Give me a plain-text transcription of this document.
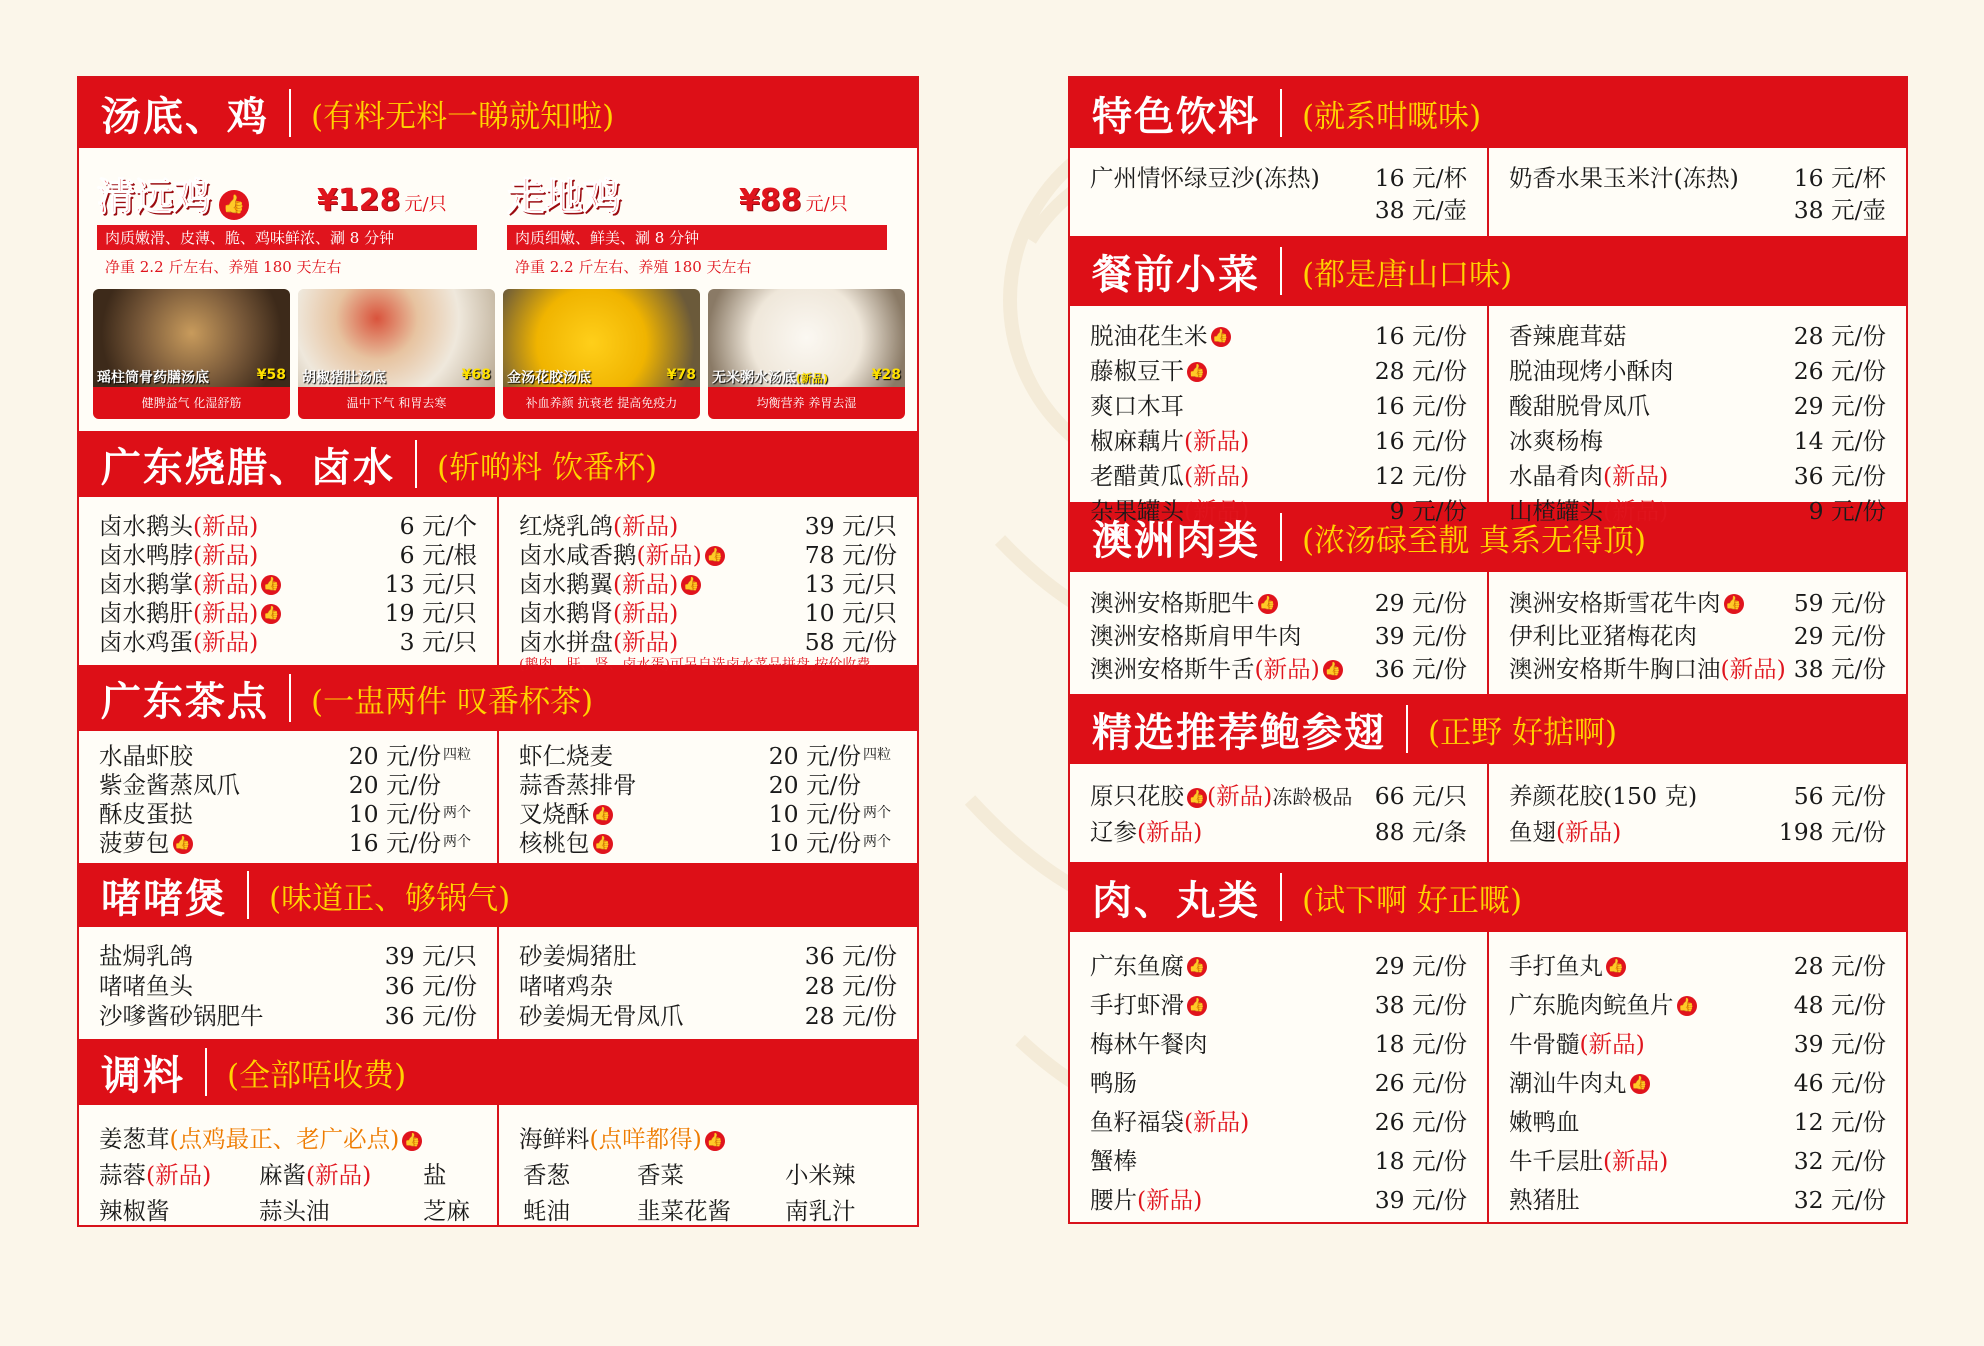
汤底、鸡 (有料无料一睇就知啦)
清远鸡 👍 ¥128 元/只
肉质嫩滑、皮薄、脆、鸡味鲜浓、涮 8 分钟
净重 2.2 斤左右、养殖 180 天左右
走地鸡	¥88 元/只
肉质细嫩、鲜美、涮 8 分钟
净重 2.2 斤左右、养殖 180 天左右
瑶柱筒骨药膳汤底	¥58
健脾益气 化湿舒筋
胡椒猪肚汤底	¥68
温中下气 和胃去寒
金汤花胶汤底	¥78
补血养颜 抗衰老 提高免疫力
无米粥水汤底(新品)	¥28
均衡营养 养胃去湿
广东烧腊、卤水 (斩啲料 饮番杯)
卤水鹅头(新品)	6 元/个
卤水鸭脖(新品)	6 元/根
卤水鹅掌(新品) 👍	13 元/只
卤水鹅肝(新品) 👍	19 元/只
卤水鸡蛋(新品)	3 元/只
红烧乳鸽(新品)	39 元/只
卤水咸香鹅(新品) 👍	78 元/份
卤水鹅翼(新品) 👍	13 元/只
卤水鹅肾(新品)	10 元/只
卤水拼盘(新品)	58 元/份
(鹅肉、肝、肾、卤水蛋)可另自选卤水菜品拼盘,按价收费。
广东茶点 (一盅两件 叹番杯茶)
水晶虾胶	20 元/份 四粒
紫金酱蒸凤爪	20 元/份
酥皮蛋挞	10 元/份 两个
菠萝包 👍	16 元/份 两个
虾仁烧麦	20 元/份 四粒
蒜香蒸排骨	20 元/份
叉烧酥 👍	10 元/份 两个
核桃包 👍	10 元/份 两个
啫啫煲 (味道正、够锅气)
盐焗乳鸽	39 元/只
啫啫鱼头	36 元/份
沙嗲酱砂锅肥牛	36 元/份
砂姜焗猪肚	36 元/份
啫啫鸡杂	28 元/份
砂姜焗无骨凤爪	28 元/份
调料 (全部唔收费)
姜葱茸(点鸡最正、老广必点) 👍
蒜蓉(新品)	麻酱(新品)	盐
辣椒酱	蒜头油	芝麻
海鲜料(点咩都得) 👍
香葱	香菜	小米辣
蚝油	韭菜花酱	南乳汁
特色饮料 (就系咁嘅味)
广州情怀绿豆沙(冻热)	16 元/杯
38 元/壶
奶香水果玉米汁(冻热)	16 元/杯
38 元/壶
餐前小菜 (都是唐山口味)
脱油花生米 👍	16 元/份
藤椒豆干 👍	28 元/份
爽口木耳	16 元/份
椒麻藕片(新品)	16 元/份
老醋黄瓜(新品)	12 元/份
杂果罐头(新品)	9 元/份
香辣鹿茸菇	28 元/份
脱油现烤小酥肉	26 元/份
酸甜脱骨凤爪	29 元/份
冰爽杨梅	14 元/份
水晶肴肉(新品)	36 元/份
山楂罐头(新品)	9 元/份
澳洲肉类 (浓汤碌至靓 真系无得顶)
澳洲安格斯肥牛 👍	29 元/份
澳洲安格斯肩甲牛肉	39 元/份
澳洲安格斯牛舌(新品) 👍	36 元/份
澳洲安格斯雪花牛肉 👍	59 元/份
伊利比亚猪梅花肉	29 元/份
澳洲安格斯牛胸口油(新品) 38 元/份
精选推荐鲍参翅 (正野 好掂啊)
原只花胶 👍(新品)冻龄极品 66 元/只
辽参(新品)	88 元/条
养颜花胶(150 克)	56 元/份
鱼翅(新品)	198 元/份
肉、丸类 (试下啊 好正嘅)
广东鱼腐 👍	29 元/份
手打虾滑 👍	38 元/份
梅林午餐肉	18 元/份
鸭肠	26 元/份
鱼籽福袋(新品)	26 元/份
蟹棒	18 元/份
腰片(新品)	39 元/份
手打鱼丸 👍	28 元/份
广东脆肉鲩鱼片 👍	48 元/份
牛骨髓(新品)	39 元/份
潮汕牛肉丸 👍	46 元/份
嫩鸭血	12 元/份
牛千层肚(新品)	32 元/份
熟猪肚	32 元/份
